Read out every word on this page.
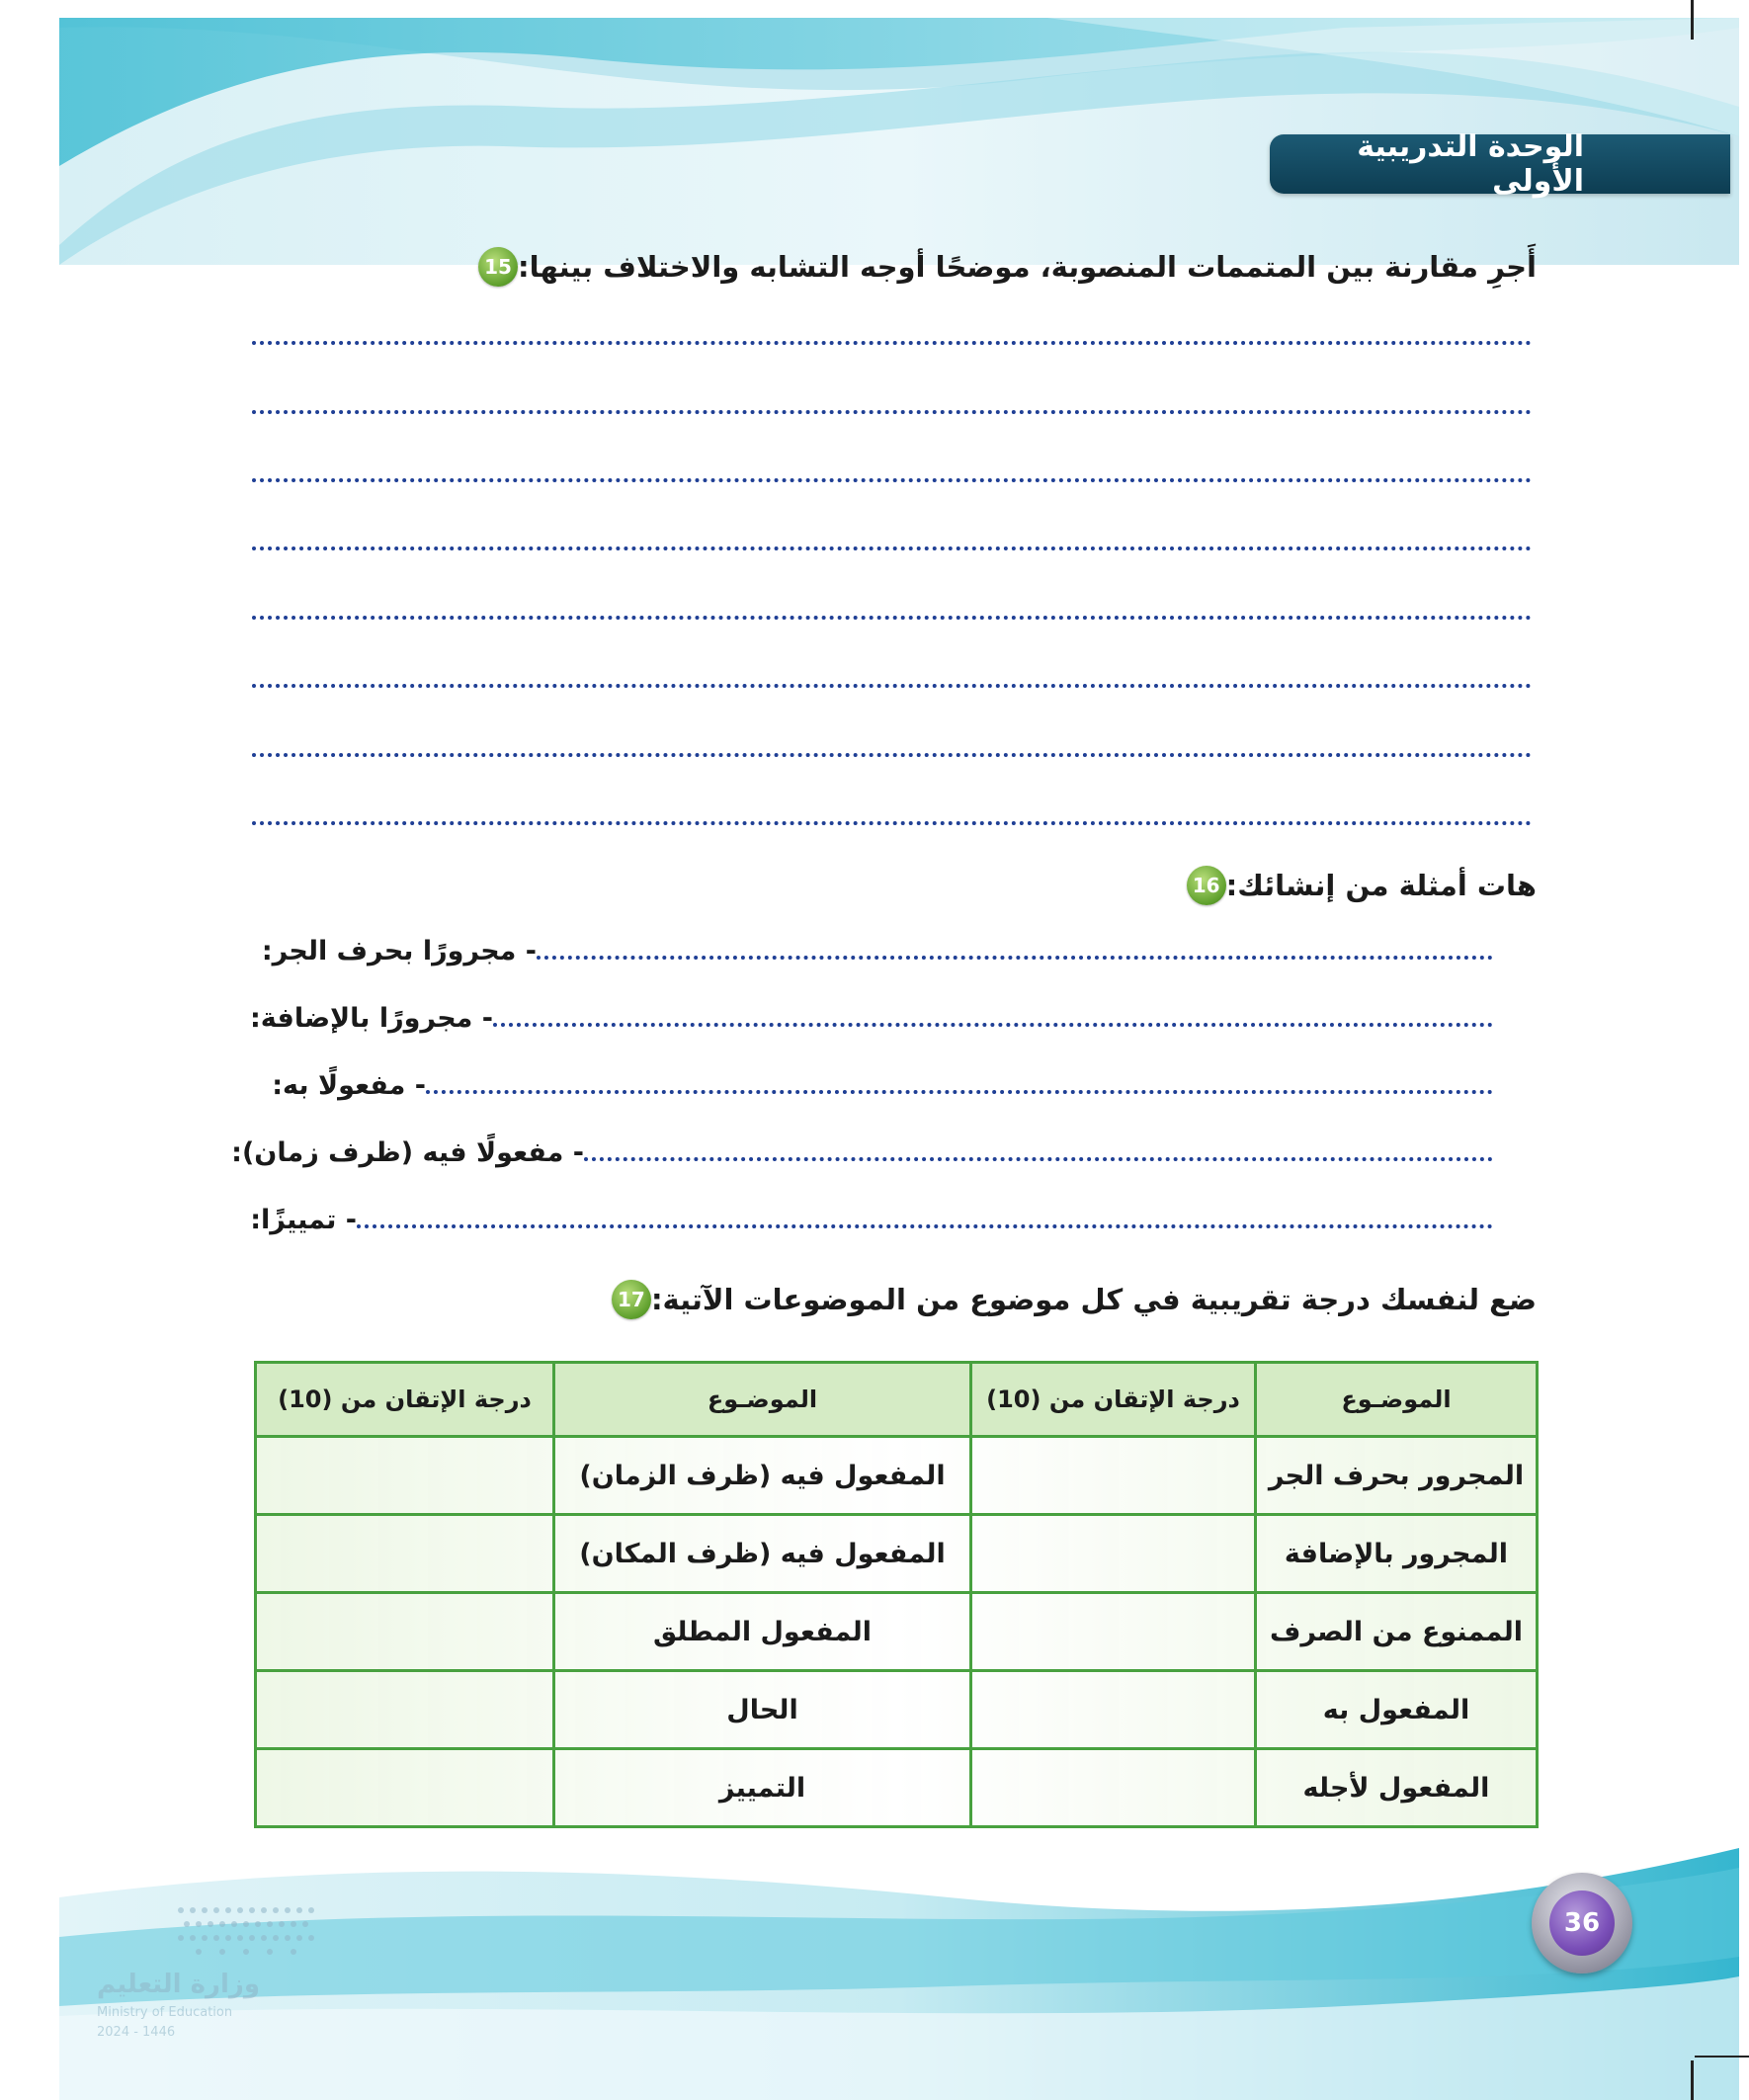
الوحدة التدريبية الأولى
15 أَجرِ مقارنة بين المتممات المنصوبة، موضحًا أوجه التشابه والاختلاف بينها:
16 هات أمثلة من إنشائك:
- مجرورًا بحرف الجر:
- مجرورًا بالإضافة:
- مفعولًا به:
- مفعولًا فيه (ظرف زمان):
- تمييزًا:
17 ضع لنفسك درجة تقريبية في كل موضوع من الموضوعات الآتية:
الموضـوع	درجة الإتقان من (10)	الموضـوع	درجة الإتقان من (10)
المجرور بحرف الجر		المفعول فيه (ظرف الزمان)	
المجرور بالإضافة		المفعول فيه (ظرف المكان)	
الممنوع من الصرف		المفعول المطلق	
المفعول به		الحال	
المفعول لأجله		التمييز	
36
وزارة التعليم
Ministry of Education
2024 - 1446
